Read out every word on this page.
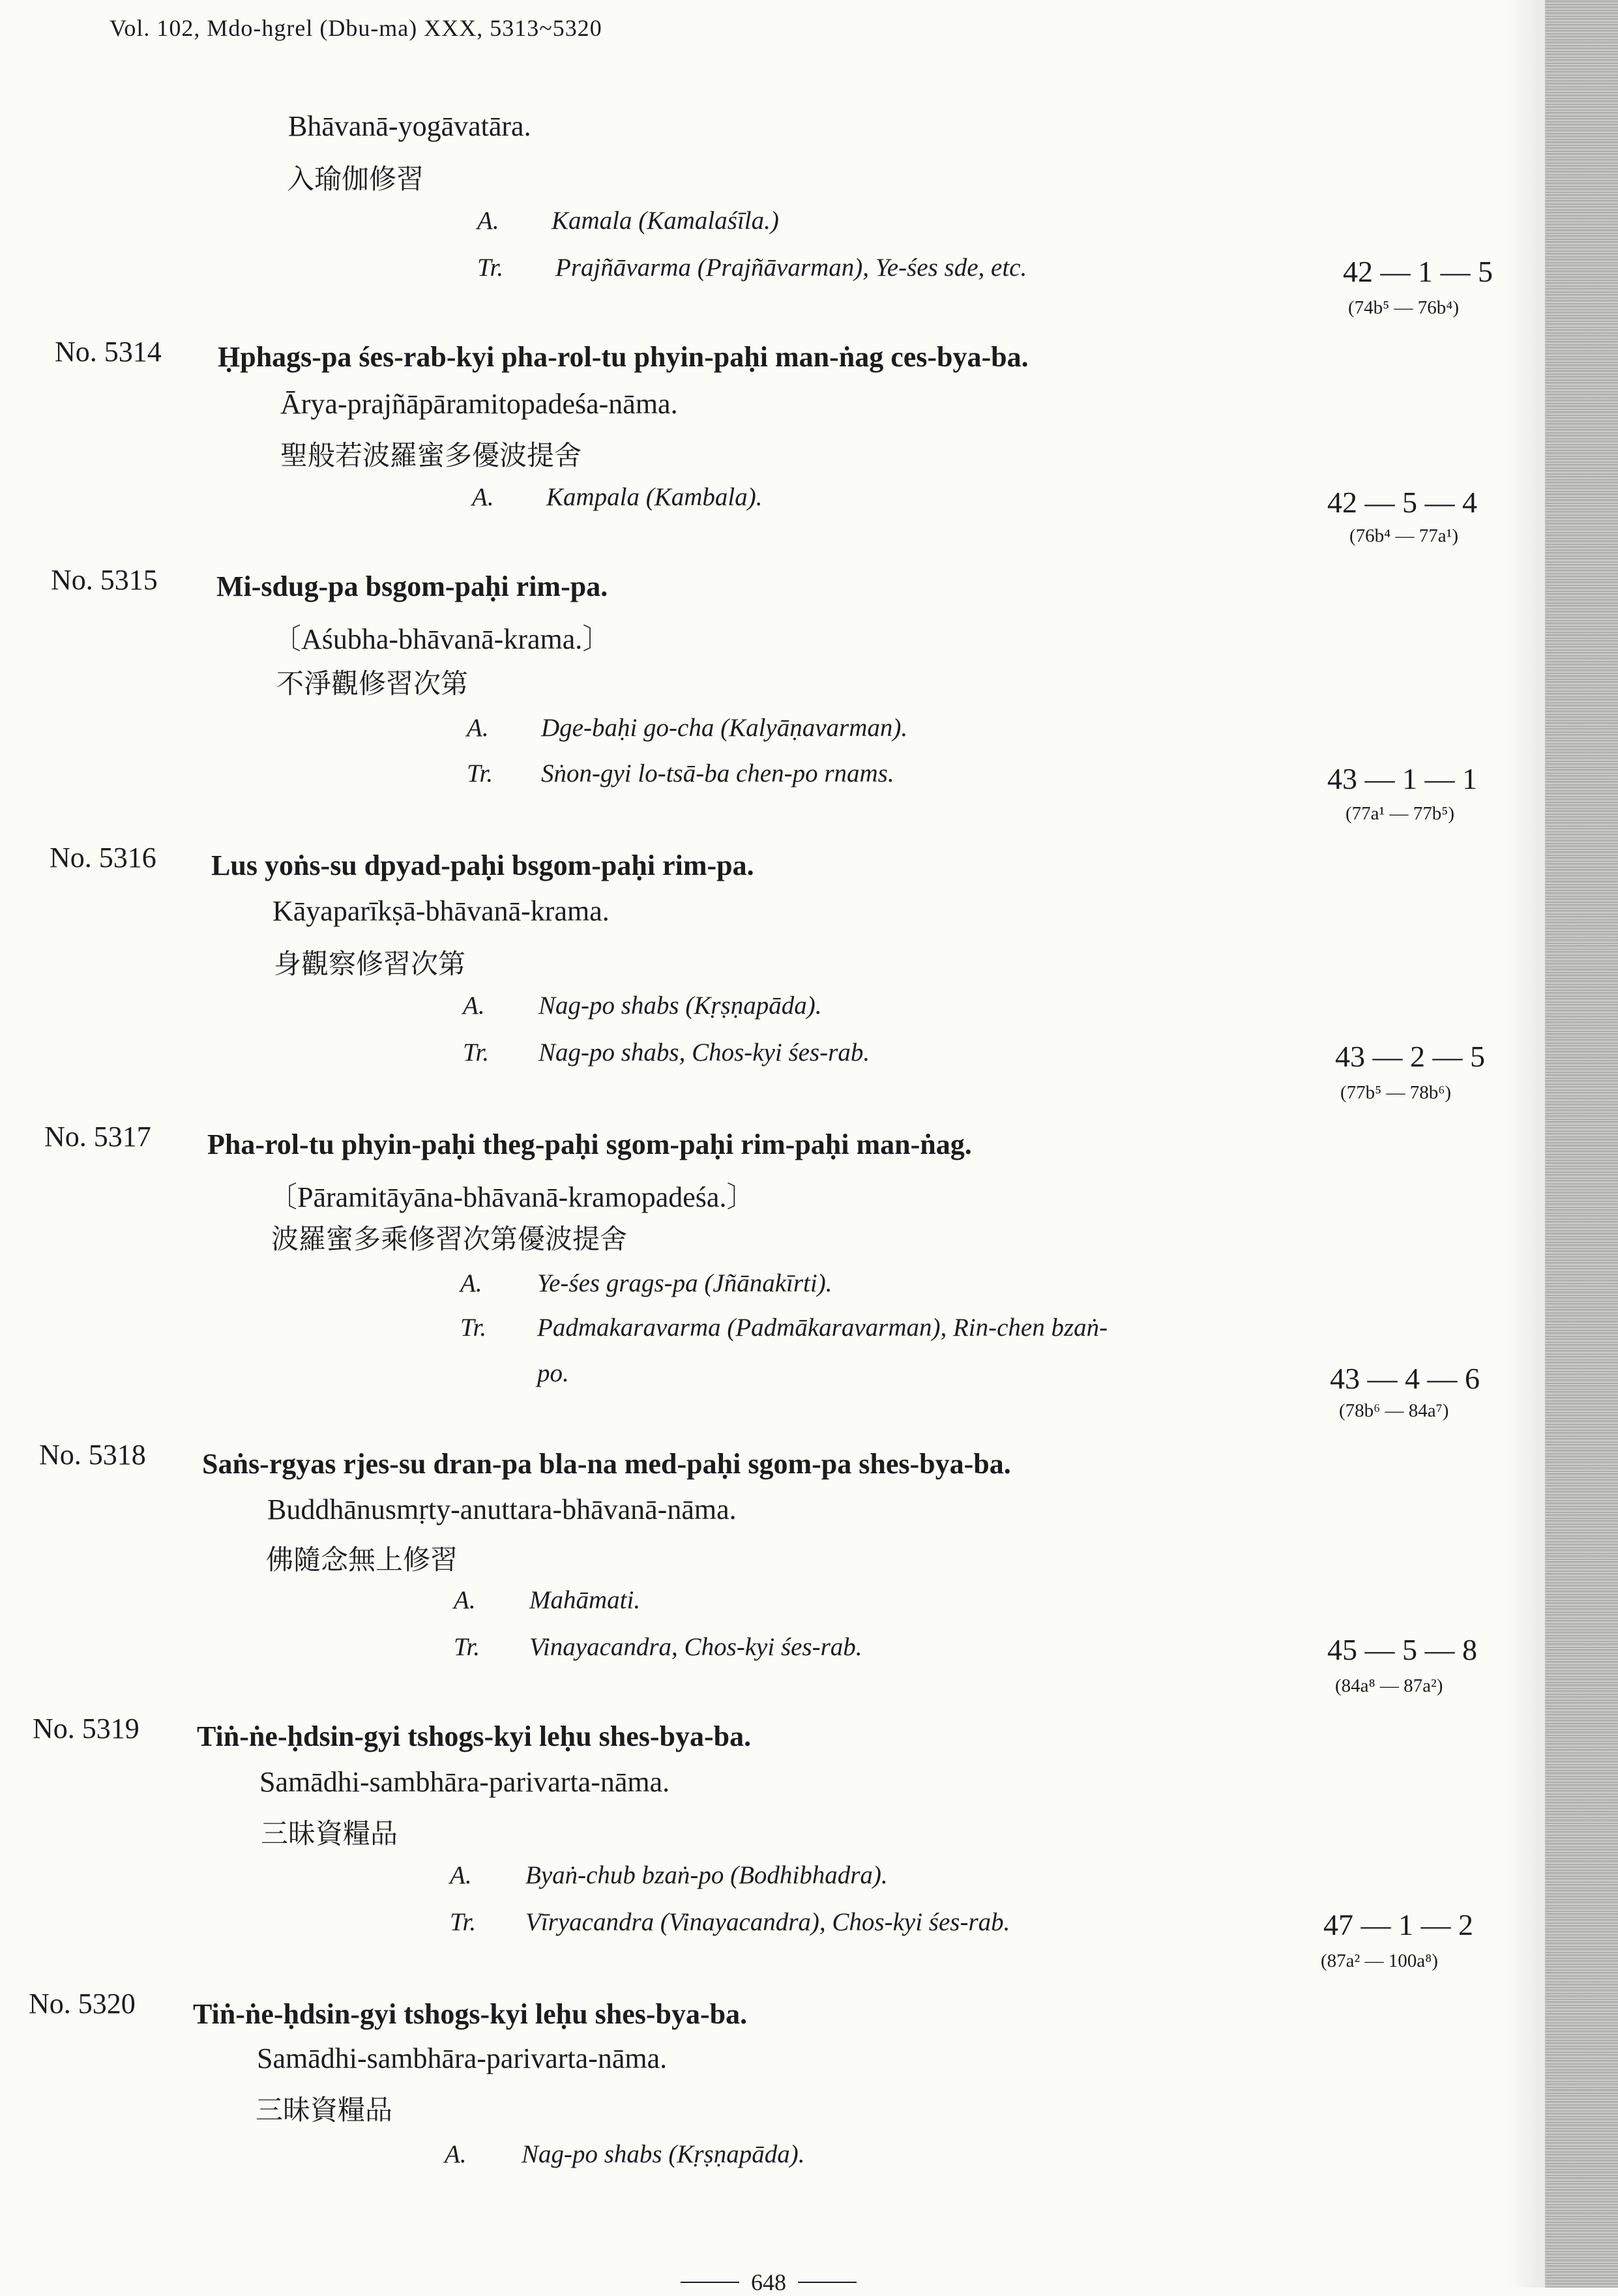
Vol. 102, Mdo-hgrel (Dbu-ma) XXX, 5313~5320
Bhāvanā-yogāvatāra.
入瑜伽修習
A. Kamala (Kamalaśīla.)
Tr. Prajñāvarma (Prajñāvarman), Ye-śes sde, etc.	42 — 1 — 5
(74b⁵ — 76b⁴)
No. 5314 Ḥphags-pa śes-rab-kyi pha-rol-tu phyin-paḥi man-ṅag ces-bya-ba.
Ārya-prajñāpāramitopadeśa-nāma.
聖般若波羅蜜多優波提舍
A. Kampala (Kambala).	42 — 5 — 4
(76b⁴ — 77a¹)
No. 5315 Mi-sdug-pa bsgom-paḥi rim-pa.
〔Aśubha-bhāvanā-krama.〕
不淨觀修習次第
A. Dge-baḥi go-cha (Kalyāṇavarman).
Tr. Sṅon-gyi lo-tsā-ba chen-po rnams.	43 — 1 — 1
(77a¹ — 77b⁵)
No. 5316 Lus yoṅs-su dpyad-paḥi bsgom-paḥi rim-pa.
Kāyaparīkṣā-bhāvanā-krama.
身觀察修習次第
A. Nag-po shabs (Kṛṣṇapāda).
Tr. Nag-po shabs, Chos-kyi śes-rab.	43 — 2 — 5
(77b⁵ — 78b⁶)
No. 5317 Pha-rol-tu phyin-paḥi theg-paḥi sgom-paḥi rim-paḥi man-ṅag.
〔Pāramitāyāna-bhāvanā-kramopadeśa.〕
波羅蜜多乘修習次第優波提舍
A. Ye-śes grags-pa (Jñānakīrti).
Tr. Padmakaravarma (Padmākaravarman), Rin-chen bzaṅ-
po.	43 — 4 — 6
(78b⁶ — 84a⁷)
No. 5318 Saṅs-rgyas rjes-su dran-pa bla-na med-paḥi sgom-pa shes-bya-ba.
Buddhānusmṛty-anuttara-bhāvanā-nāma.
佛隨念無上修習
A. Mahāmati.
Tr. Vinayacandra, Chos-kyi śes-rab.	45 — 5 — 8
(84a⁸ — 87a²)
No. 5319 Tiṅ-ṅe-ḥdsin-gyi tshogs-kyi leḥu shes-bya-ba.
Samādhi-sambhāra-parivarta-nāma.
三昧資糧品
A. Byaṅ-chub bzaṅ-po (Bodhibhadra).
Tr. Vīryacandra (Vinayacandra), Chos-kyi śes-rab.	47 — 1 — 2
(87a² — 100a⁸)
No. 5320 Tiṅ-ṅe-ḥdsin-gyi tshogs-kyi leḥu shes-bya-ba.
Samādhi-sambhāra-parivarta-nāma.
三昧資糧品
A. Nag-po shabs (Kṛṣṇapāda).
648
